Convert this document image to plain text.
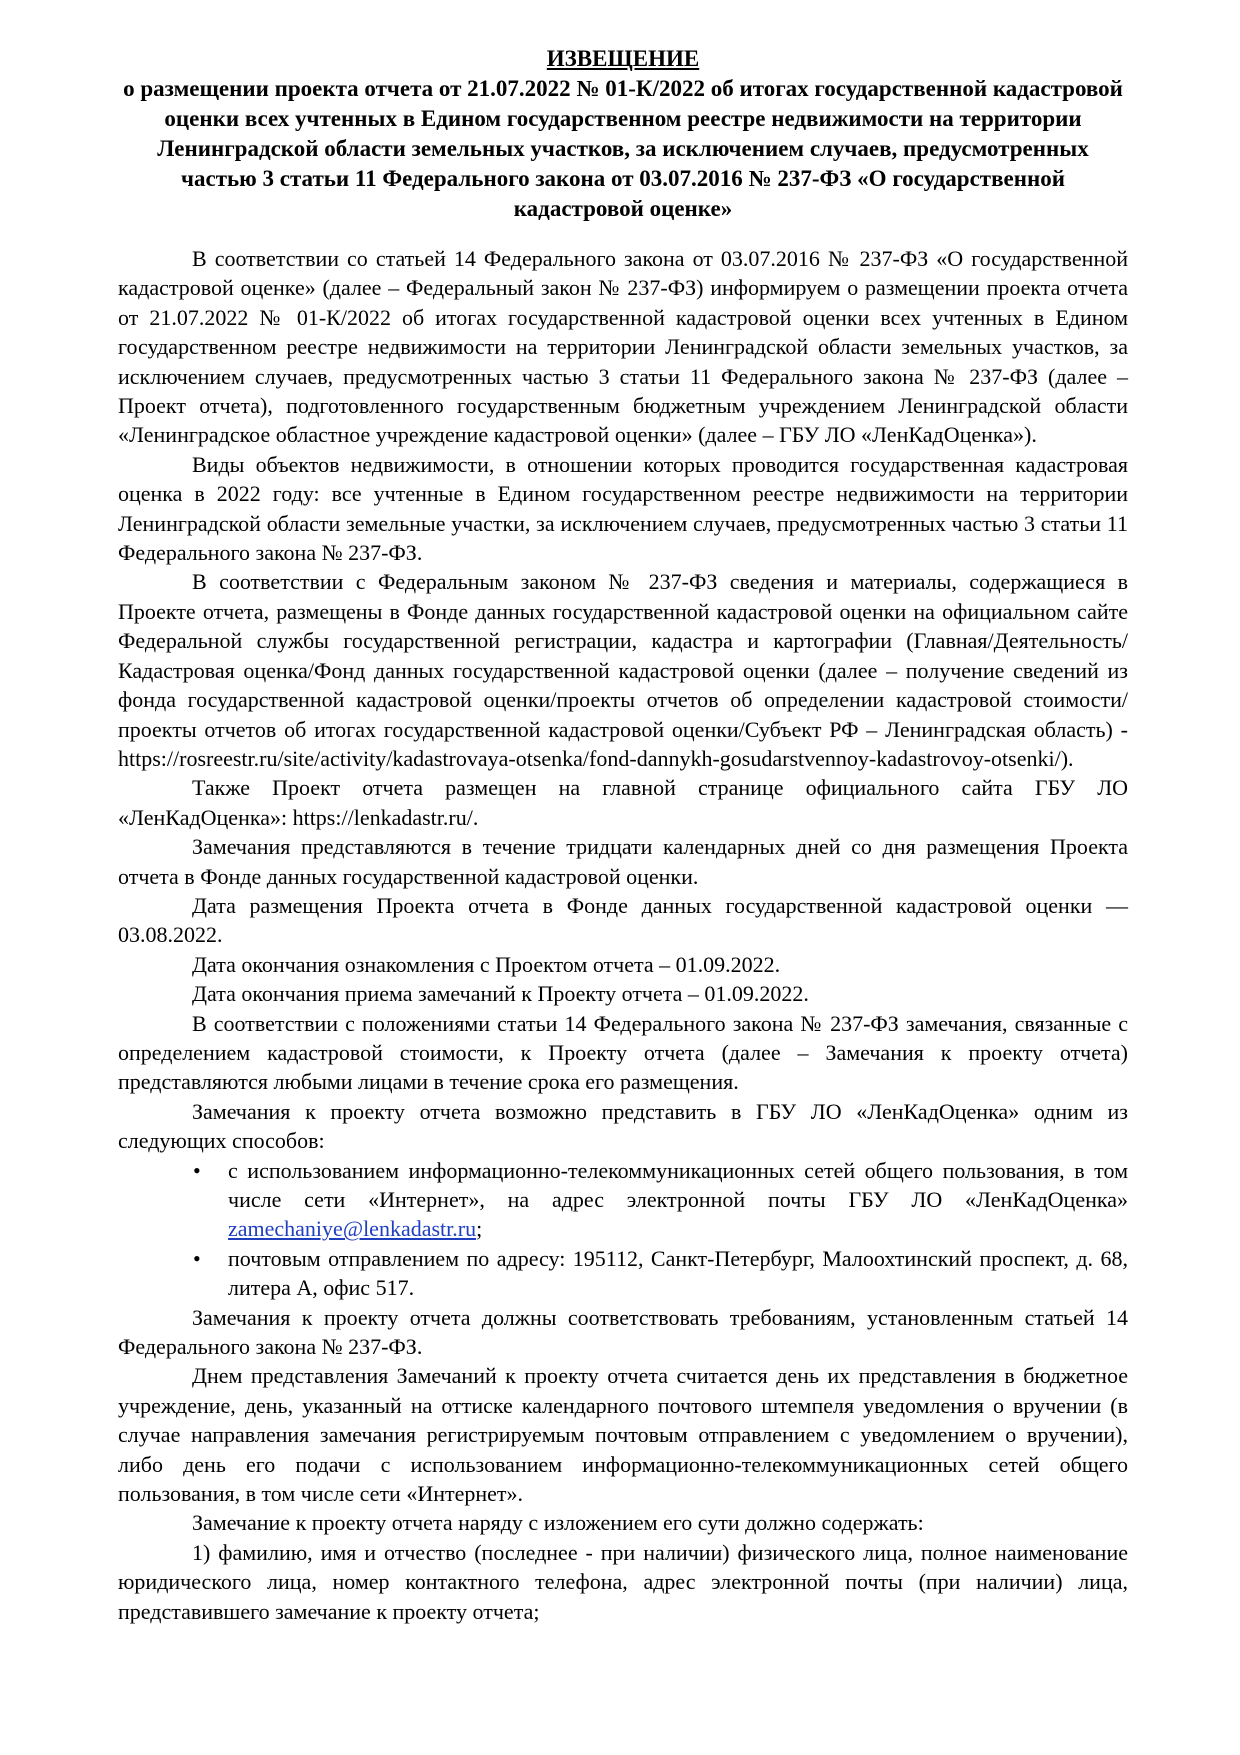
ИЗВЕЩЕНИЕ
о размещении проекта отчета от 21.07.2022 № 01-К/2022 об итогах государственной кадастровой оценки всех учтенных в Едином государственном реестре недвижимости на территории Ленинградской области земельных участков, за исключением случаев, предусмотренных частью 3 статьи 11 Федерального закона от 03.07.2016 № 237-ФЗ «О государственной кадастровой оценке»

В соответствии со статьей 14 Федерального закона от 03.07.2016 № 237-ФЗ «О государственной кадастровой оценке» (далее – Федеральный закон № 237-ФЗ) информируем о размещении проекта отчета от 21.07.2022 № 01-К/2022 об итогах государственной кадастровой оценки всех учтенных в Едином государственном реестре недвижимости на территории Ленинградской области земельных участков, за исключением случаев, предусмотренных частью 3 статьи 11 Федерального закона № 237-ФЗ (далее – Проект отчета), подготовленного государственным бюджетным учреждением Ленинградской области «Ленинградское областное учреждение кадастровой оценки» (далее – ГБУ ЛО «ЛенКадОценка»).

Виды объектов недвижимости, в отношении которых проводится государственная кадастровая оценка в 2022 году: все учтенные в Едином государственном реестре недвижимости на территории Ленинградской области земельные участки, за исключением случаев, предусмотренных частью 3 статьи 11 Федерального закона № 237-ФЗ.

В соответствии с Федеральным законом № 237-ФЗ сведения и материалы, содержащиеся в Проекте отчета, размещены в Фонде данных государственной кадастровой оценки на официальном сайте Федеральной службы государственной регистрации, кадастра и картографии (Главная/Деятельность/Кадастровая оценка/Фонд данных государственной кадастровой оценки (далее – получение сведений из фонда государственной кадастровой оценки/проекты отчетов об определении кадастровой стоимости/проекты отчетов об итогах государственной кадастровой оценки/Субъект РФ – Ленинградская область) - https://rosreestr.ru/site/activity/kadastrovaya-otsenka/fond-dannykh-gosudarstvennoy-kadastrovoy-otsenki/).

Также Проект отчета размещен на главной странице официального сайта ГБУ ЛО «ЛенКадОценка»: https://lenkadastr.ru/.

Замечания представляются в течение тридцати календарных дней со дня размещения Проекта отчета в Фонде данных государственной кадастровой оценки.

Дата размещения Проекта отчета в Фонде данных государственной кадастровой оценки — 03.08.2022.

Дата окончания ознакомления с Проектом отчета – 01.09.2022.

Дата окончания приема замечаний к Проекту отчета – 01.09.2022.

В соответствии с положениями статьи 14 Федерального закона № 237-ФЗ замечания, связанные с определением кадастровой стоимости, к Проекту отчета (далее – Замечания к проекту отчета) представляются любыми лицами в течение срока его размещения.

Замечания к проекту отчета возможно представить в ГБУ ЛО «ЛенКадОценка» одним из следующих способов:

• с использованием информационно-телекоммуникационных сетей общего пользования, в том числе сети «Интернет», на адрес электронной почты ГБУ ЛО «ЛенКадОценка» zamechaniye@lenkadastr.ru;
• почтовым отправлением по адресу: 195112, Санкт-Петербург, Малоохтинский проспект, д. 68, литера А, офис 517.

Замечания к проекту отчета должны соответствовать требованиям, установленным статьей 14 Федерального закона № 237-ФЗ.

Днем представления Замечаний к проекту отчета считается день их представления в бюджетное учреждение, день, указанный на оттиске календарного почтового штемпеля уведомления о вручении (в случае направления замечания регистрируемым почтовым отправлением с уведомлением о вручении), либо день его подачи с использованием информационно-телекоммуникационных сетей общего пользования, в том числе сети «Интернет».

Замечание к проекту отчета наряду с изложением его сути должно содержать:

1) фамилию, имя и отчество (последнее - при наличии) физического лица, полное наименование юридического лица, номер контактного телефона, адрес электронной почты (при наличии) лица, представившего замечание к проекту отчета;
